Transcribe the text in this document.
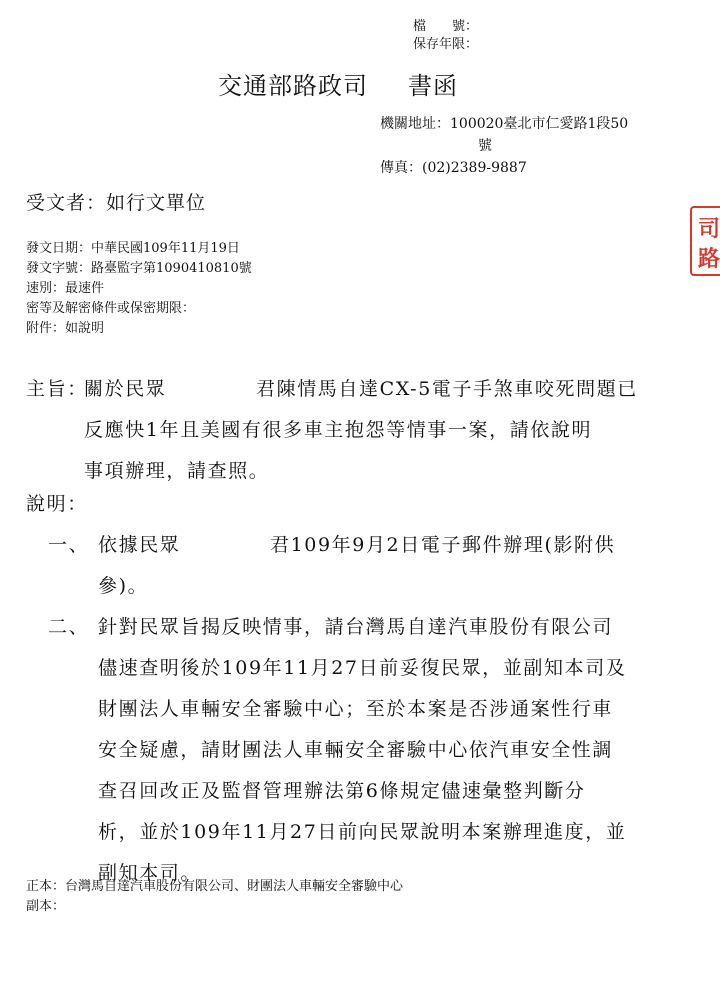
檔　　號：
保存年限：
交通部路政司 書函
機關地址：100020臺北市仁愛路1段50
號
傳真：(02)2389-9887
受文者：如行文單位
發文日期：中華民國109年11月19日
發文字號：路臺監字第1090410810號
速別：最速件
密等及解密條件或保密期限：
附件：如說明
司
路
主旨：
關於民眾	君陳情馬自達CX-5電子手煞車咬死問題已
反應快1年且美國有很多車主抱怨等情事一案，請依說明
事項辦理，請查照。
說明：
一、 依據民眾	君109年9月2日電子郵件辦理(影附供
參)。
二、 針對民眾旨揭反映情事，請台灣馬自達汽車股份有限公司
儘速查明後於109年11月27日前妥復民眾，並副知本司及
財團法人車輛安全審驗中心；至於本案是否涉通案性行車
安全疑慮，請財團法人車輛安全審驗中心依汽車安全性調
查召回改正及監督管理辦法第6條規定儘速彙整判斷分
析，並於109年11月27日前向民眾說明本案辦理進度，並
副知本司。
正本：台灣馬自達汽車股份有限公司、財團法人車輛安全審驗中心
副本：
